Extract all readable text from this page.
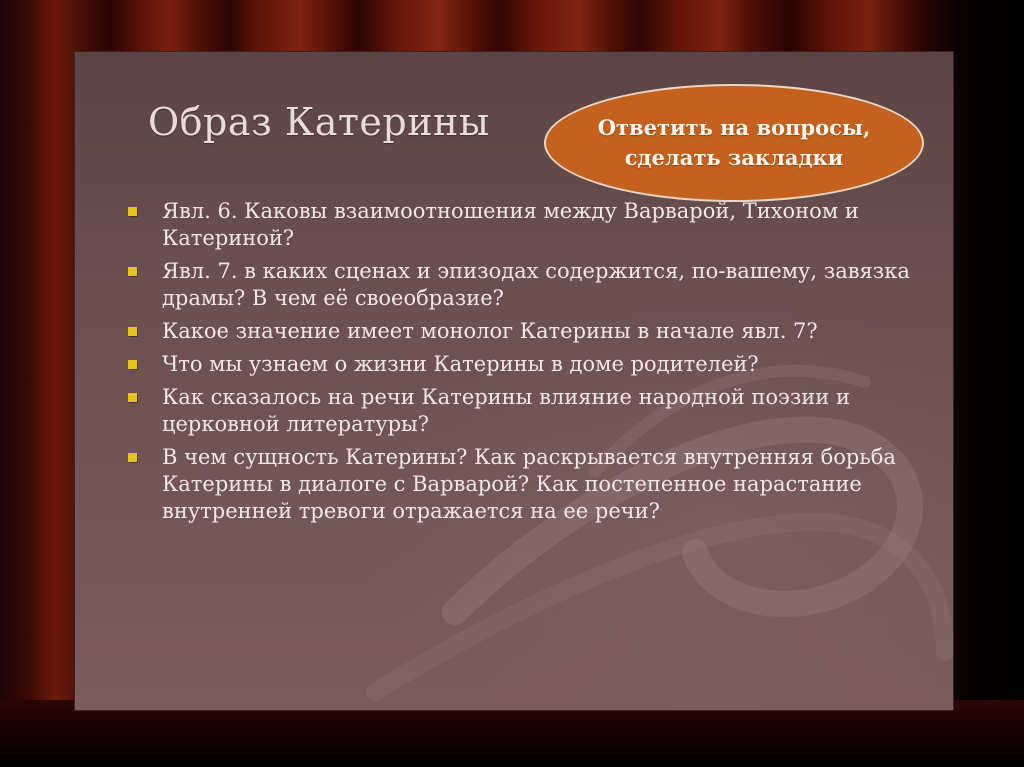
Образ Катерины	Ответить на вопросы,
сделать закладки
Явл. 6. Каковы взаимоотношения между Варварой, Тихоном и Катериной?
Явл. 7. в каких сценах и эпизодах содержится, по-вашему, завязка драмы? В чем её своеобразие?
Какое значение имеет монолог Катерины в начале явл. 7?
Что мы узнаем о жизни Катерины в доме родителей?
Как сказалось на речи Катерины влияние народной поэзии и церковной литературы?
В чем сущность Катерины? Как раскрывается внутренняя борьба Катерины в диалоге с Варварой? Как постепенное нарастание внутренней тревоги отражается на ее речи?
